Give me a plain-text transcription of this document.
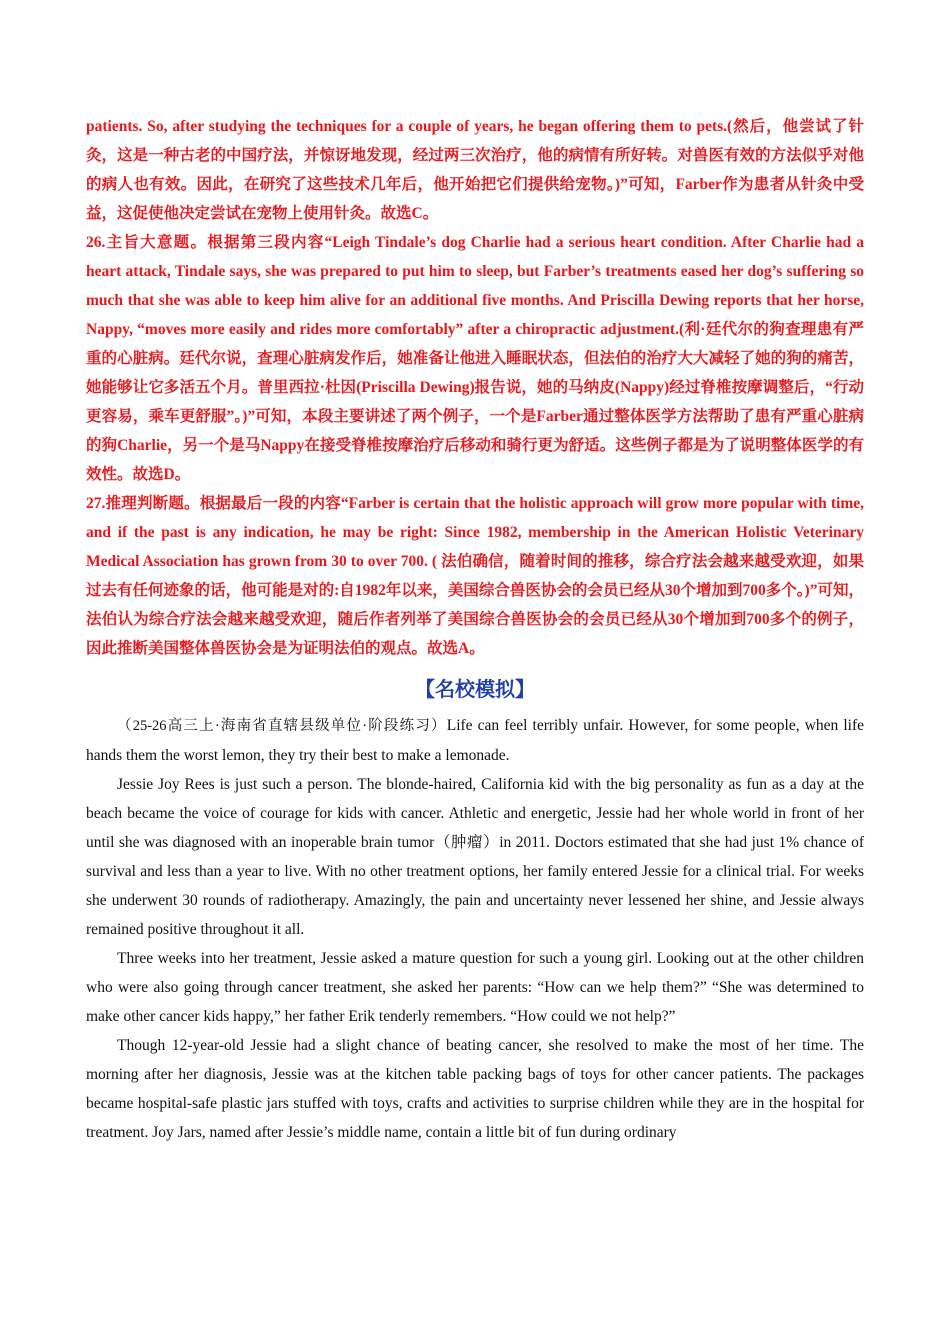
patients. So, after studying the techniques for a couple of years, he began offering them to pets.(然后，他尝试了针灸，这是一种古老的中国疗法，并惊讶地发现，经过两三次治疗，他的病情有所好转。对兽医有效的方法似乎对他的病人也有效。因此，在研究了这些技术几年后，他开始把它们提供给宠物。)”可知，Farber作为患者从针灸中受益，这促使他决定尝试在宠物上使用针灸。故选C。

26.主旨大意题。根据第三段内容“Leigh Tindale’s dog Charlie had a serious heart condition. After Charlie had a heart attack, Tindale says, she was prepared to put him to sleep, but Farber’s treatments eased her dog’s suffering so much that she was able to keep him alive for an additional five months. And Priscilla Dewing reports that her horse, Nappy, “moves more easily and rides more comfortably” after a chiropractic adjustment.(利·廷代尔的狗查理患有严重的心脏病。廷代尔说，查理心脏病发作后，她准备让他进入睡眠状态，但法伯的治疗大大减轻了她的狗的痛苦，她能够让它多活五个月。普里西拉·杜因(Priscilla Dewing)报告说，她的马纳皮(Nappy)经过脊椎按摩调整后，“行动更容易，乘车更舒服”。)”可知，本段主要讲述了两个例子，一个是Farber通过整体医学方法帮助了患有严重心脏病的狗Charlie，另一个是马Nappy在接受脊椎按摩治疗后移动和骑行更为舒适。这些例子都是为了说明整体医学的有效性。故选D。

27.推理判断题。根据最后一段的内容“Farber is certain that the holistic approach will grow more popular with time, and if the past is any indication, he may be right: Since 1982, membership in the American Holistic Veterinary Medical Association has grown from 30 to over 700. ( 法伯确信，随着时间的推移，综合疗法会越来越受欢迎，如果过去有任何迹象的话，他可能是对的:自1982年以来，美国综合兽医协会的会员已经从30个增加到700多个。)”可知，法伯认为综合疗法会越来越受欢迎，随后作者列举了美国综合兽医协会的会员已经从30个增加到700多个的例子，因此推断美国整体兽医协会是为证明法伯的观点。故选A。

【名校模拟】

（25-26高三上·海南省直辖县级单位·阶段练习）Life can feel terribly unfair. However, for some people, when life hands them the worst lemon, they try their best to make a lemonade.

Jessie Joy Rees is just such a person. The blonde-haired, California kid with the big personality as fun as a day at the beach became the voice of courage for kids with cancer. Athletic and energetic, Jessie had her whole world in front of her until she was diagnosed with an inoperable brain tumor（肿瘤）in 2011. Doctors estimated that she had just 1% chance of survival and less than a year to live. With no other treatment options, her family entered Jessie for a clinical trial. For weeks she underwent 30 rounds of radiotherapy. Amazingly, the pain and uncertainty never lessened her shine, and Jessie always remained positive throughout it all.

Three weeks into her treatment, Jessie asked a mature question for such a young girl. Looking out at the other children who were also going through cancer treatment, she asked her parents: “How can we help them?” “She was determined to make other cancer kids happy,” her father Erik tenderly remembers. “How could we not help?”

Though 12-year-old Jessie had a slight chance of beating cancer, she resolved to make the most of her time. The morning after her diagnosis, Jessie was at the kitchen table packing bags of toys for other cancer patients. The packages became hospital-safe plastic jars stuffed with toys, crafts and activities to surprise children while they are in the hospital for treatment. Joy Jars, named after Jessie’s middle name, contain a little bit of fun during ordinary
